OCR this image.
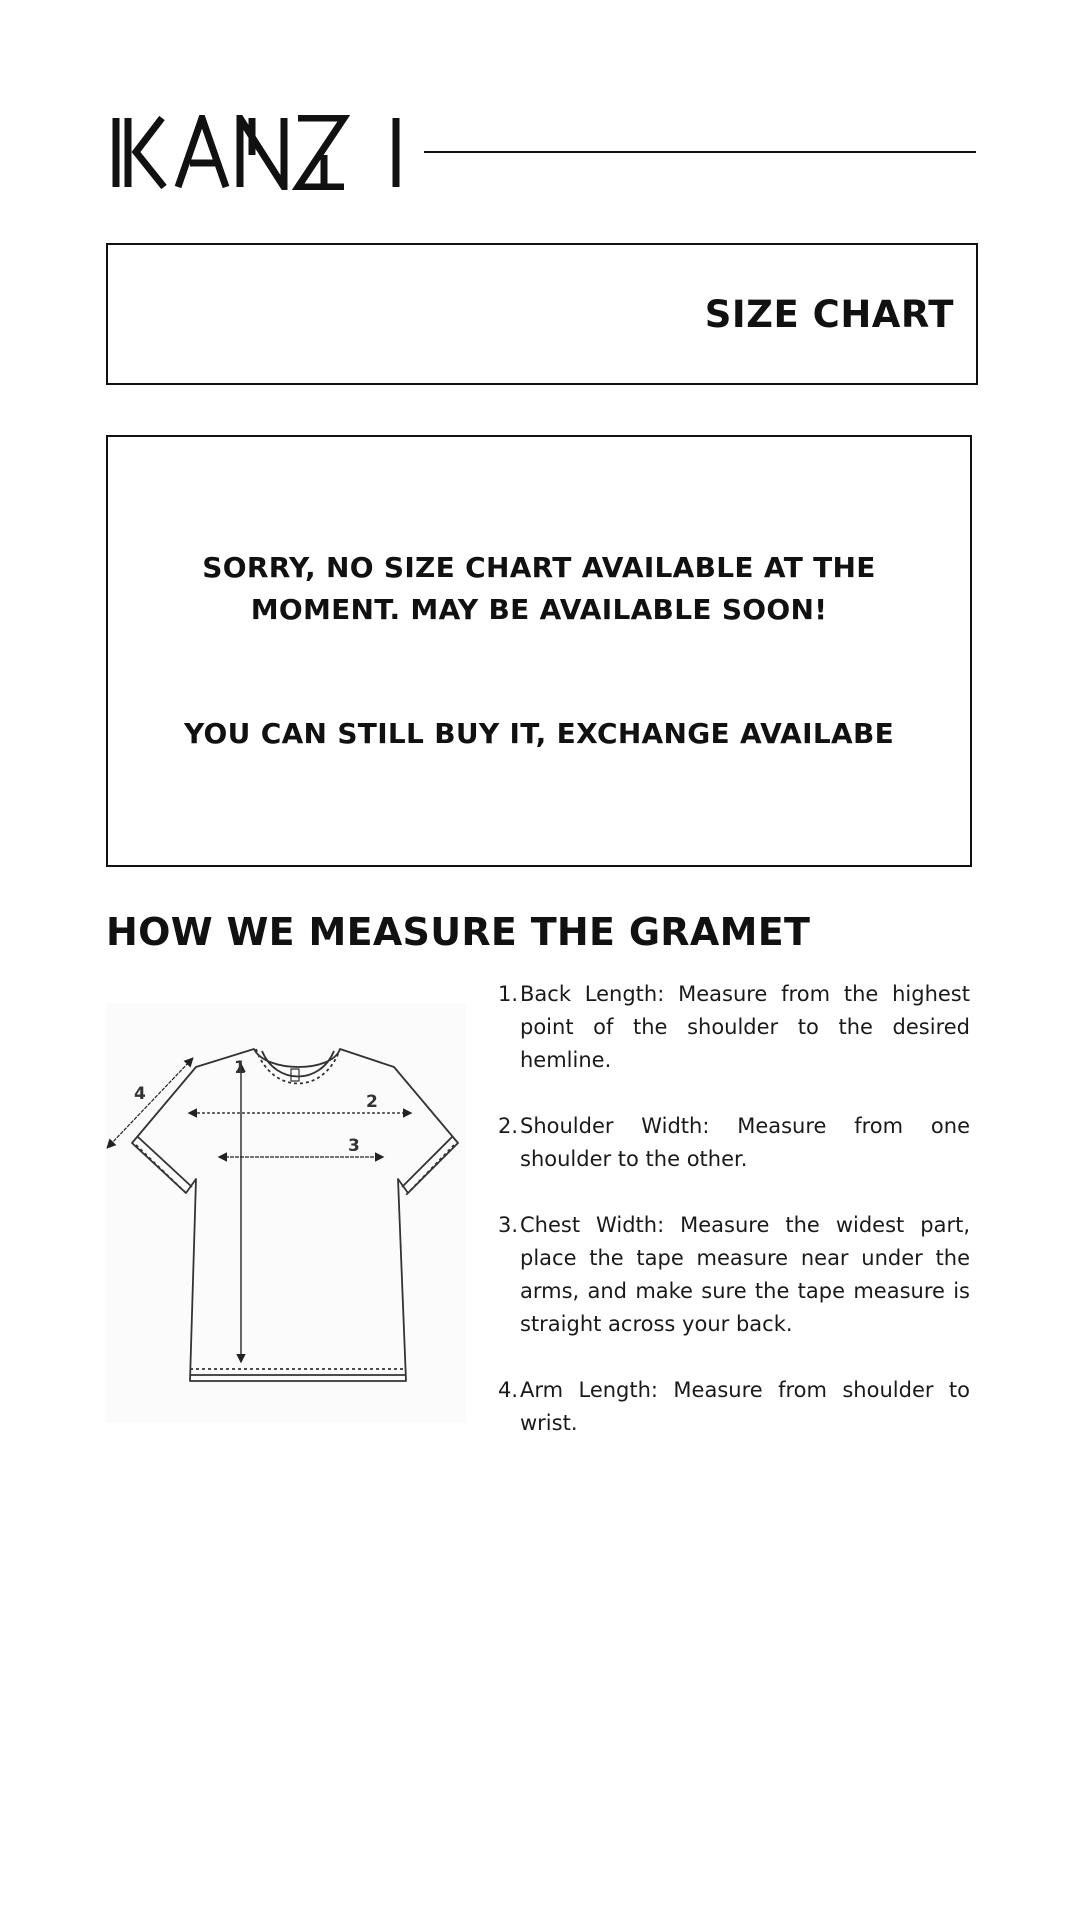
SIZE CHART
SORRY, NO SIZE CHART AVAILABLE AT THE
MOMENT. MAY BE AVAILABLE SOON!
YOU CAN STILL BUY IT, EXCHANGE AVAILABE
HOW WE MEASURE THE GRAMET
1
2
3
4
1. Back Length: Measure from the highest point of the shoulder to the desired hemline.
2. Shoulder Width: Measure from one shoulder to the other.
3. Chest Width: Measure the widest part, place the tape measure near under the arms, and make sure the tape measure is straight across your back.
4. Arm Length: Measure from shoulder to wrist.
